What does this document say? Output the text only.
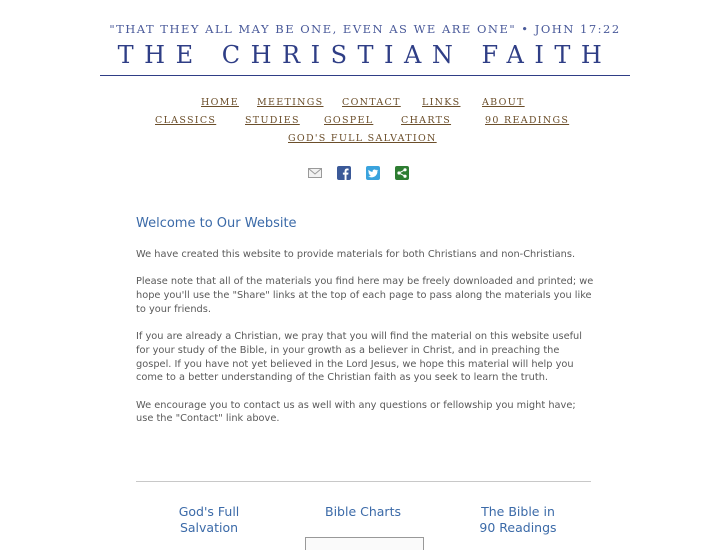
"THAT THEY ALL MAY BE ONE, EVEN AS WE ARE ONE" • JOHN 17:22
THE CHRISTIAN FAITH
HOME MEETINGS CONTACT LINKS ABOUT
CLASSICS	STUDIES	GOSPEL	CHARTS	90 READINGS
GOD'S FULL SALVATION
Welcome to Our Website

We have created this website to provide materials for both Christians and non-Christians.

Please note that all of the materials you find here may be freely downloaded and printed; we hope you'll use the "Share" links at the top of each page to pass along the materials you like to your friends.

If you are already a Christian, we pray that you will find the material on this website useful for your study of the Bible, in your growth as a believer in Christ, and in preaching the gospel. If you have not yet believed in the Lord Jesus, we hope this material will help you come to a better understanding of the Christian faith as you seek to learn the truth.

We encourage you to contact us as well with any questions or fellowship you might have; use the "Contact" link above.

God's Full
Salvation
Bible Charts	The Bible in
90 Readings
